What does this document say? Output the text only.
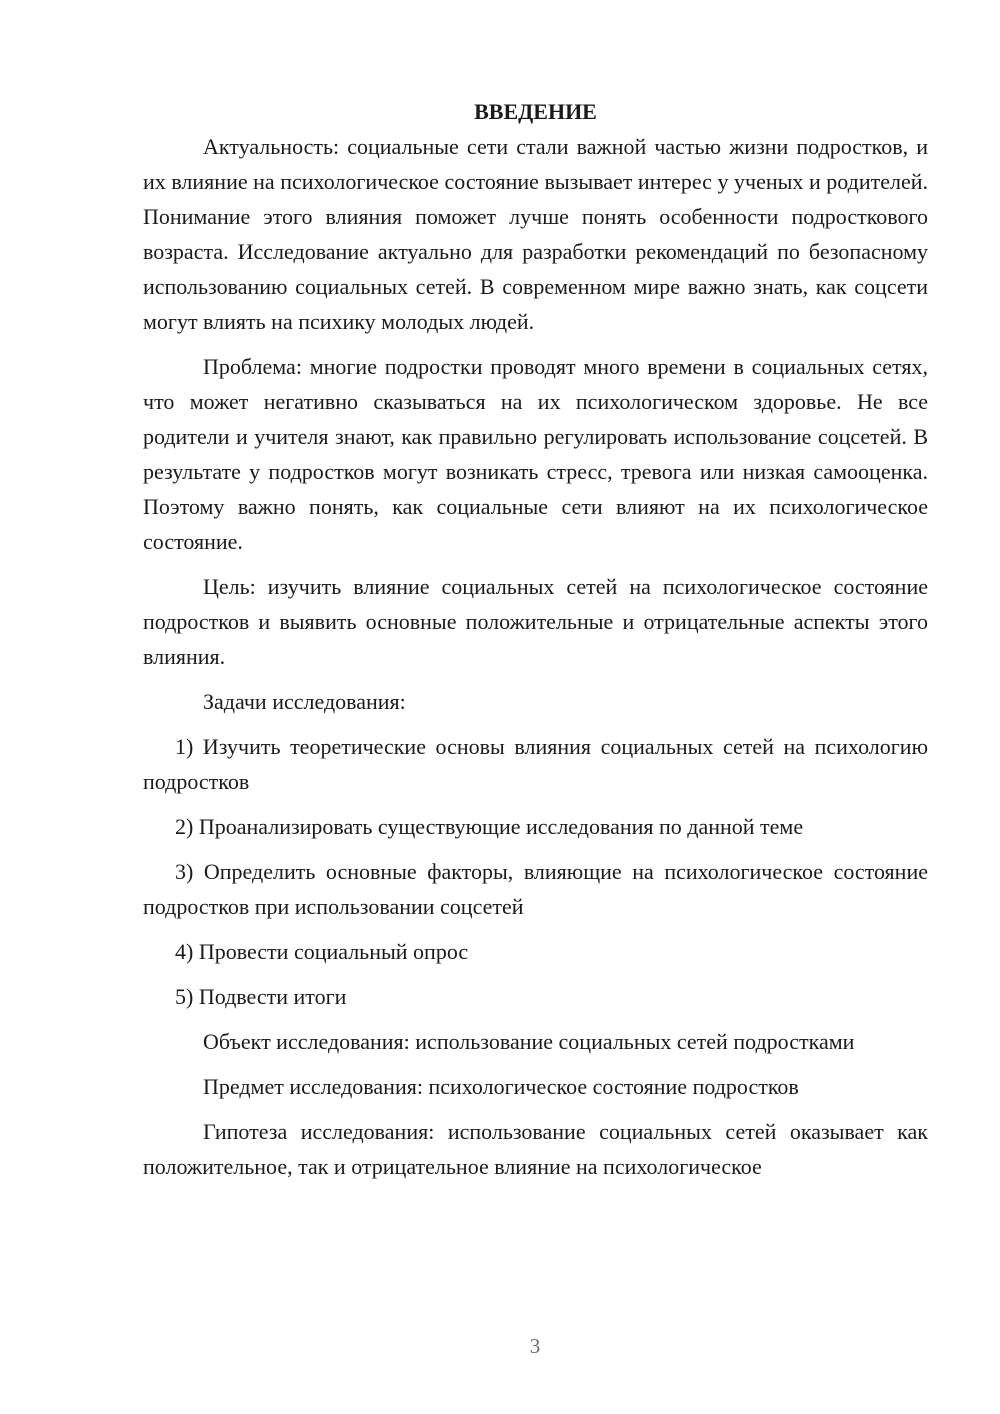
ВВЕДЕНИЕ

Актуальность: социальные сети стали важной частью жизни подростков, и их влияние на психологическое состояние вызывает интерес у ученых и родителей. Понимание этого влияния поможет лучше понять особенности подросткового возраста. Исследование актуально для разработки рекомендаций по безопасному использованию социальных сетей. В современном мире важно знать, как соцсети могут влиять на психику молодых людей.

Проблема: многие подростки проводят много времени в социальных сетях, что может негативно сказываться на их психологическом здоровье. Не все родители и учителя знают, как правильно регулировать использование соцсетей. В результате у подростков могут возникать стресс, тревога или низкая самооценка. Поэтому важно понять, как социальные сети влияют на их психологическое состояние.

Цель: изучить влияние социальных сетей на психологическое состояние подростков и выявить основные положительные и отрицательные аспекты этого влияния.

Задачи исследования:

1) Изучить теоретические основы влияния социальных сетей на психологию подростков

2) Проанализировать существующие исследования по данной теме

3) Определить основные факторы, влияющие на психологическое состояние подростков при использовании соцсетей

4) Провести социальный опрос

5) Подвести итоги

Объект исследования: использование социальных сетей подростками

Предмет исследования: психологическое состояние подростков

Гипотеза исследования: использование социальных сетей оказывает как положительное, так и отрицательное влияние на психологическое

3
